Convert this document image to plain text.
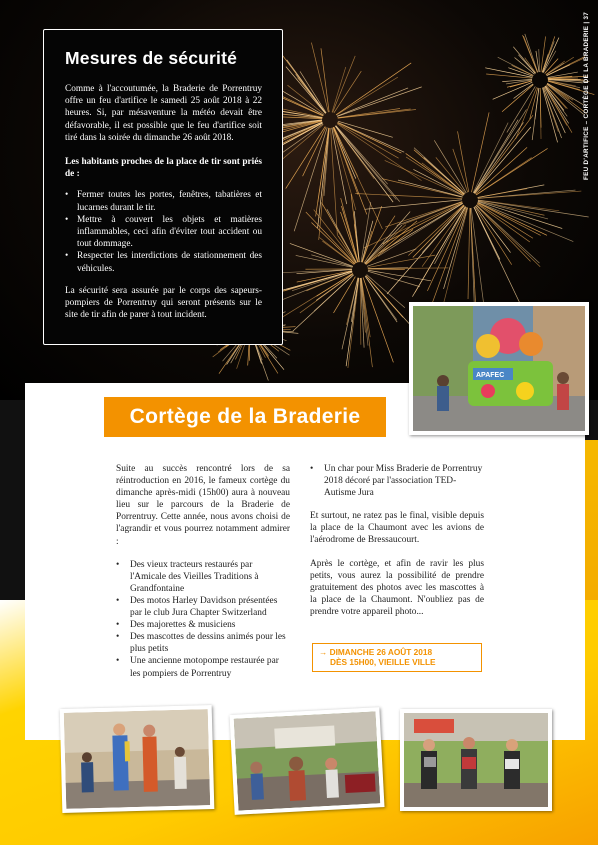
FEU D'ARTIFICE – CORTÈGE DE LA BRADERIE | 37
Mesures de sécurité

Comme à l'accoutumée, la Braderie de Porrentruy offre un feu d'artifice le samedi 25 août 2018 à 22 heures. Si, par mésaventure la météo devait être défavorable, il est possible que le feu d'artifice soit tiré dans la soirée du dimanche 26 août 2018.

Les habitants proches de la place de tir sont priés de :

• Fermer toutes les portes, fenêtres, tabatières et lucarnes durant le tir.
• Mettre à couvert les objets et matières inflammables, ceci afin d'éviter tout accident ou tout dommage.
• Respecter les interdictions de stationnement des véhicules.

La sécurité sera assurée par le corps des sapeurs-pompiers de Porrentruy qui seront présents sur le site de tir afin de parer à tout incident.

APAFEC
Cortège de la Braderie

Suite au succès rencontré lors de sa réintroduction en 2016, le fameux cortège du dimanche après-midi (15h00) aura à nouveau lieu sur le parcours de la Braderie de Porrentruy. Cette année, nous avons choisi de l'agrandir et vous pourrez notamment admirer :

• Des vieux tracteurs restaurés par l'Amicale des Vieilles Traditions à Grandfontaine
• Des motos Harley Davidson présentées par le club Jura Chapter Switzerland
• Des majorettes & musiciens
• Des mascottes de dessins animés pour les plus petits
• Une ancienne motopompe restaurée par les pompiers de Porrentruy
• Un char pour Miss Braderie de Porrentruy 2018 décoré par l'association TED-Autisme Jura

Et surtout, ne ratez pas le final, visible depuis la place de la Chaumont avec les avions de l'aérodrome de Bressaucourt.

Après le cortège, et afin de ravir les plus petits, vous aurez la possibilité de prendre gratuitement des photos avec les mascottes à la place de la Chaumont. N'oubliez pas de prendre votre appareil photo...

→ DIMANCHE 26 AOÛT 2018
DÈS 15H00, VIEILLE VILLE
